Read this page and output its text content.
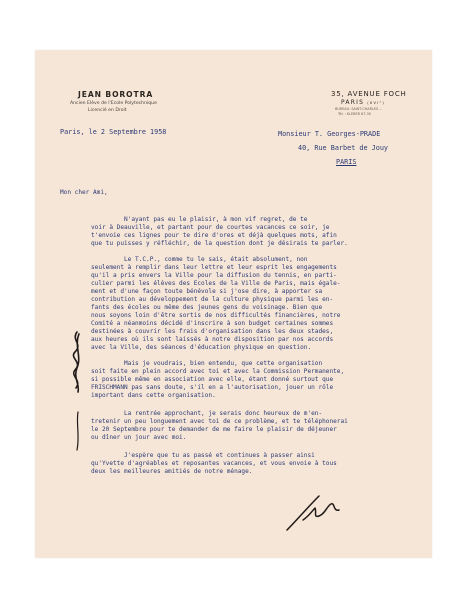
JEAN BOROTRA
Ancien Elève de l'Ecole Polytechnique
Licencié en Droit
35, AVENUE FOCH
PARIS (XVI°)
BUREAU: SAINT-CHARLES ...
Tél. : KLEBER 67-35
Paris, le 2 Septembre 1958	Monsieur T. Georges-PRADE
40, Rue Barbet de Jouy
PARIS
Mon cher Ami,

N'ayant pas eu le plaisir, à mon vif regret, de te

voir à Deauville, et partant pour de courtes vacances ce soir, je

t'envoie ces lignes pour te dire d'ores et déjà quelques mots, afin

que tu puisses y réfléchir, de la question dont je désirais te parler.

Le T.C.P., comme tu le sais, était absolument, non

seulement à remplir dans leur lettre et leur esprit les engagements

qu'il a pris envers la Ville pour la diffusion du tennis, en parti-

culier parmi les élèves des Ecoles de la Ville de Paris, mais égale-

ment et d'une façon toute bénévole si j'ose dire, à apporter sa

contribution au développement de la culture physique parmi les en-

fants des écoles ou même des jeunes gens du voisinage. Bien que

nous soyons loin d'être sortis de nos difficultés financières, notre

Comité a néanmoins décidé d'inscrire à son budget certaines sommes

destinées à couvrir les frais d'organisation dans les deux stades,

aux heures où ils sont laissés à notre disposition par nos accords

avec la Ville, des séances d'éducation physique en question.

Mais je voudrais, bien entendu, que cette organisation

soit faite en plein accord avec toi et avec la Commission Permanente,

si possible même en association avec elle, étant donné surtout que

FRISCHMANN pas sans doute, s'il en a l'autorisation, jouer un rôle

important dans cette organisation.

La rentrée approchant, je serais donc heureux de m'en-

tretenir un peu longuement avec toi de ce problème, et te téléphonerai

le 20 Septembre pour te demander de me faire le plaisir de déjeuner

ou dîner un jour avec moi.

J'espère que tu as passé et continues à passer ainsi

qu'Yvette d'agréables et reposantes vacances, et vous envoie à tous

deux les meilleures amitiés de notre ménage.
